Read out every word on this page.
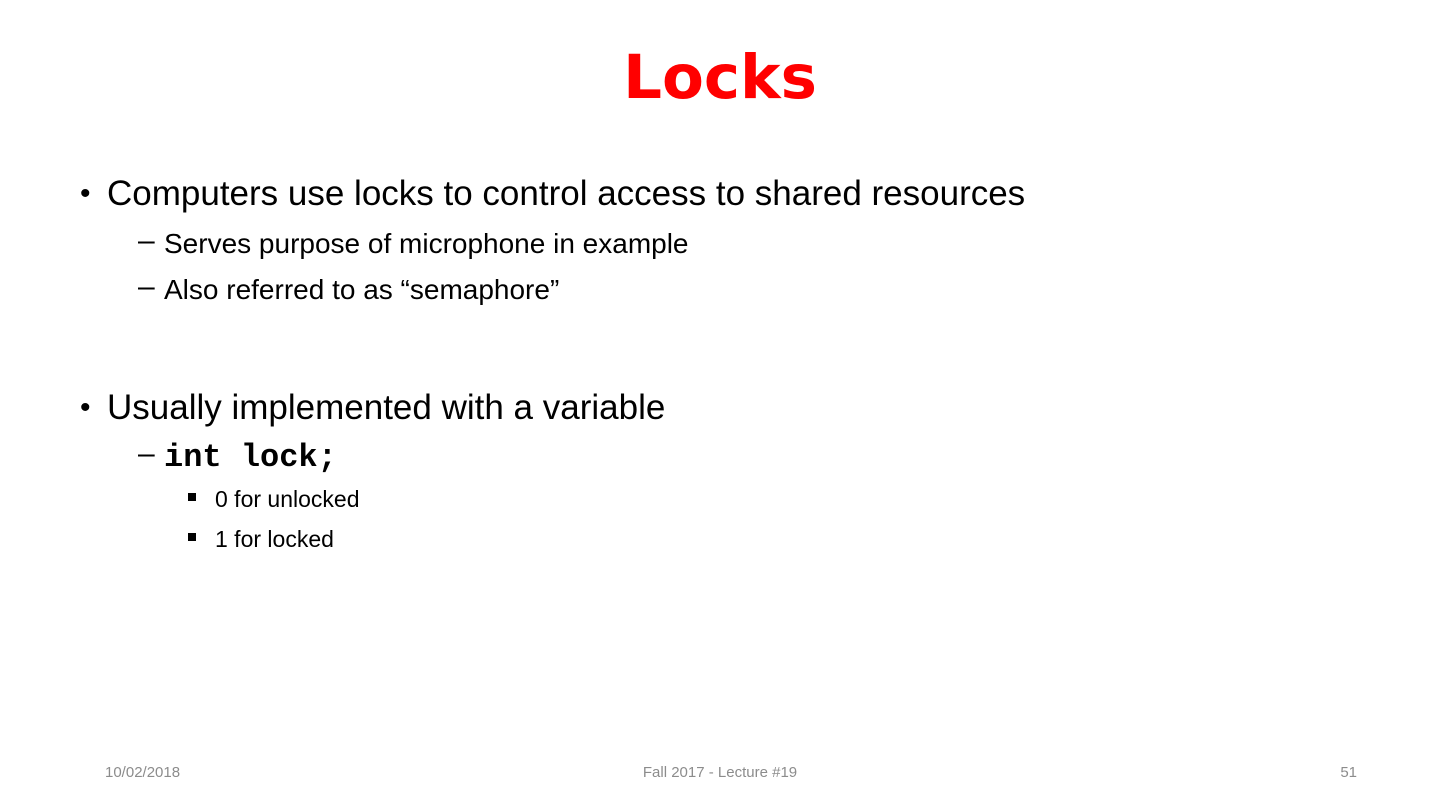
Locks
• Computers use locks to control access to shared resources
– Serves purpose of microphone in example
– Also referred to as “semaphore”
• Usually implemented with a variable
– int lock;
0 for unlocked
1 for locked
10/02/2018	Fall 2017 - Lecture #19	51
